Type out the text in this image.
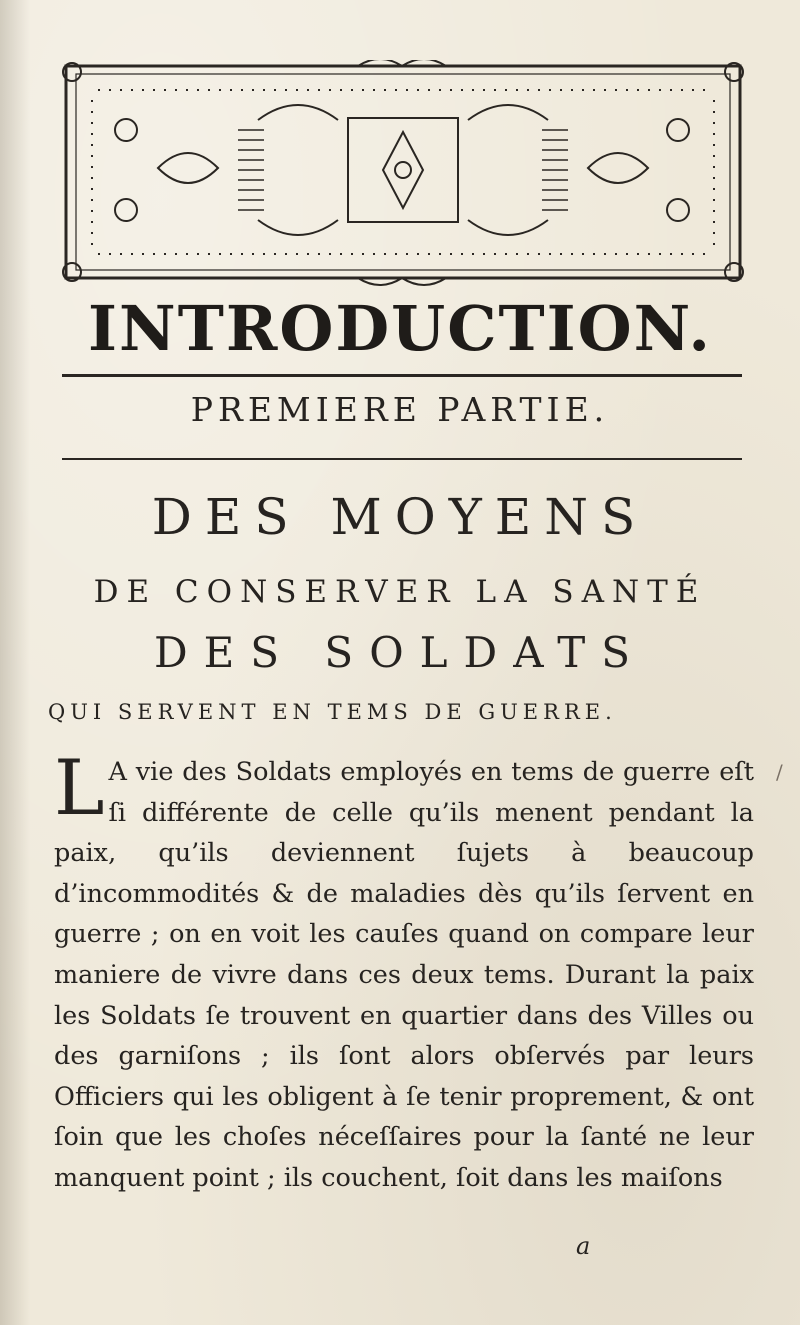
INTRODUCTION.

PREMIERE PARTIE.

DES MOYENS

DE CONSERVER LA SANTÉ

DES SOLDATS

QUI SERVENT EN TEMS DE GUERRE.

L A vie des Soldats employés en tems de guerre eſt ſi différente de celle qu’ils menent pendant la paix, qu’ils deviennent ſujets à beaucoup d’incommodités & de maladies dès qu’ils ſervent en guerre ; on en voit les cauſes quand on compare leur maniere de vivre dans ces deux tems. Durant la paix les Soldats ſe trouvent en quartier dans des Villes ou des garniſons ; ils ſont alors obſervés par leurs Officiers qui les obligent à ſe tenir proprement, & ont ſoin que les choſes néceſſaires pour la ſanté ne leur manquent point ; ils couchent, ſoit dans les maiſons

/
a
